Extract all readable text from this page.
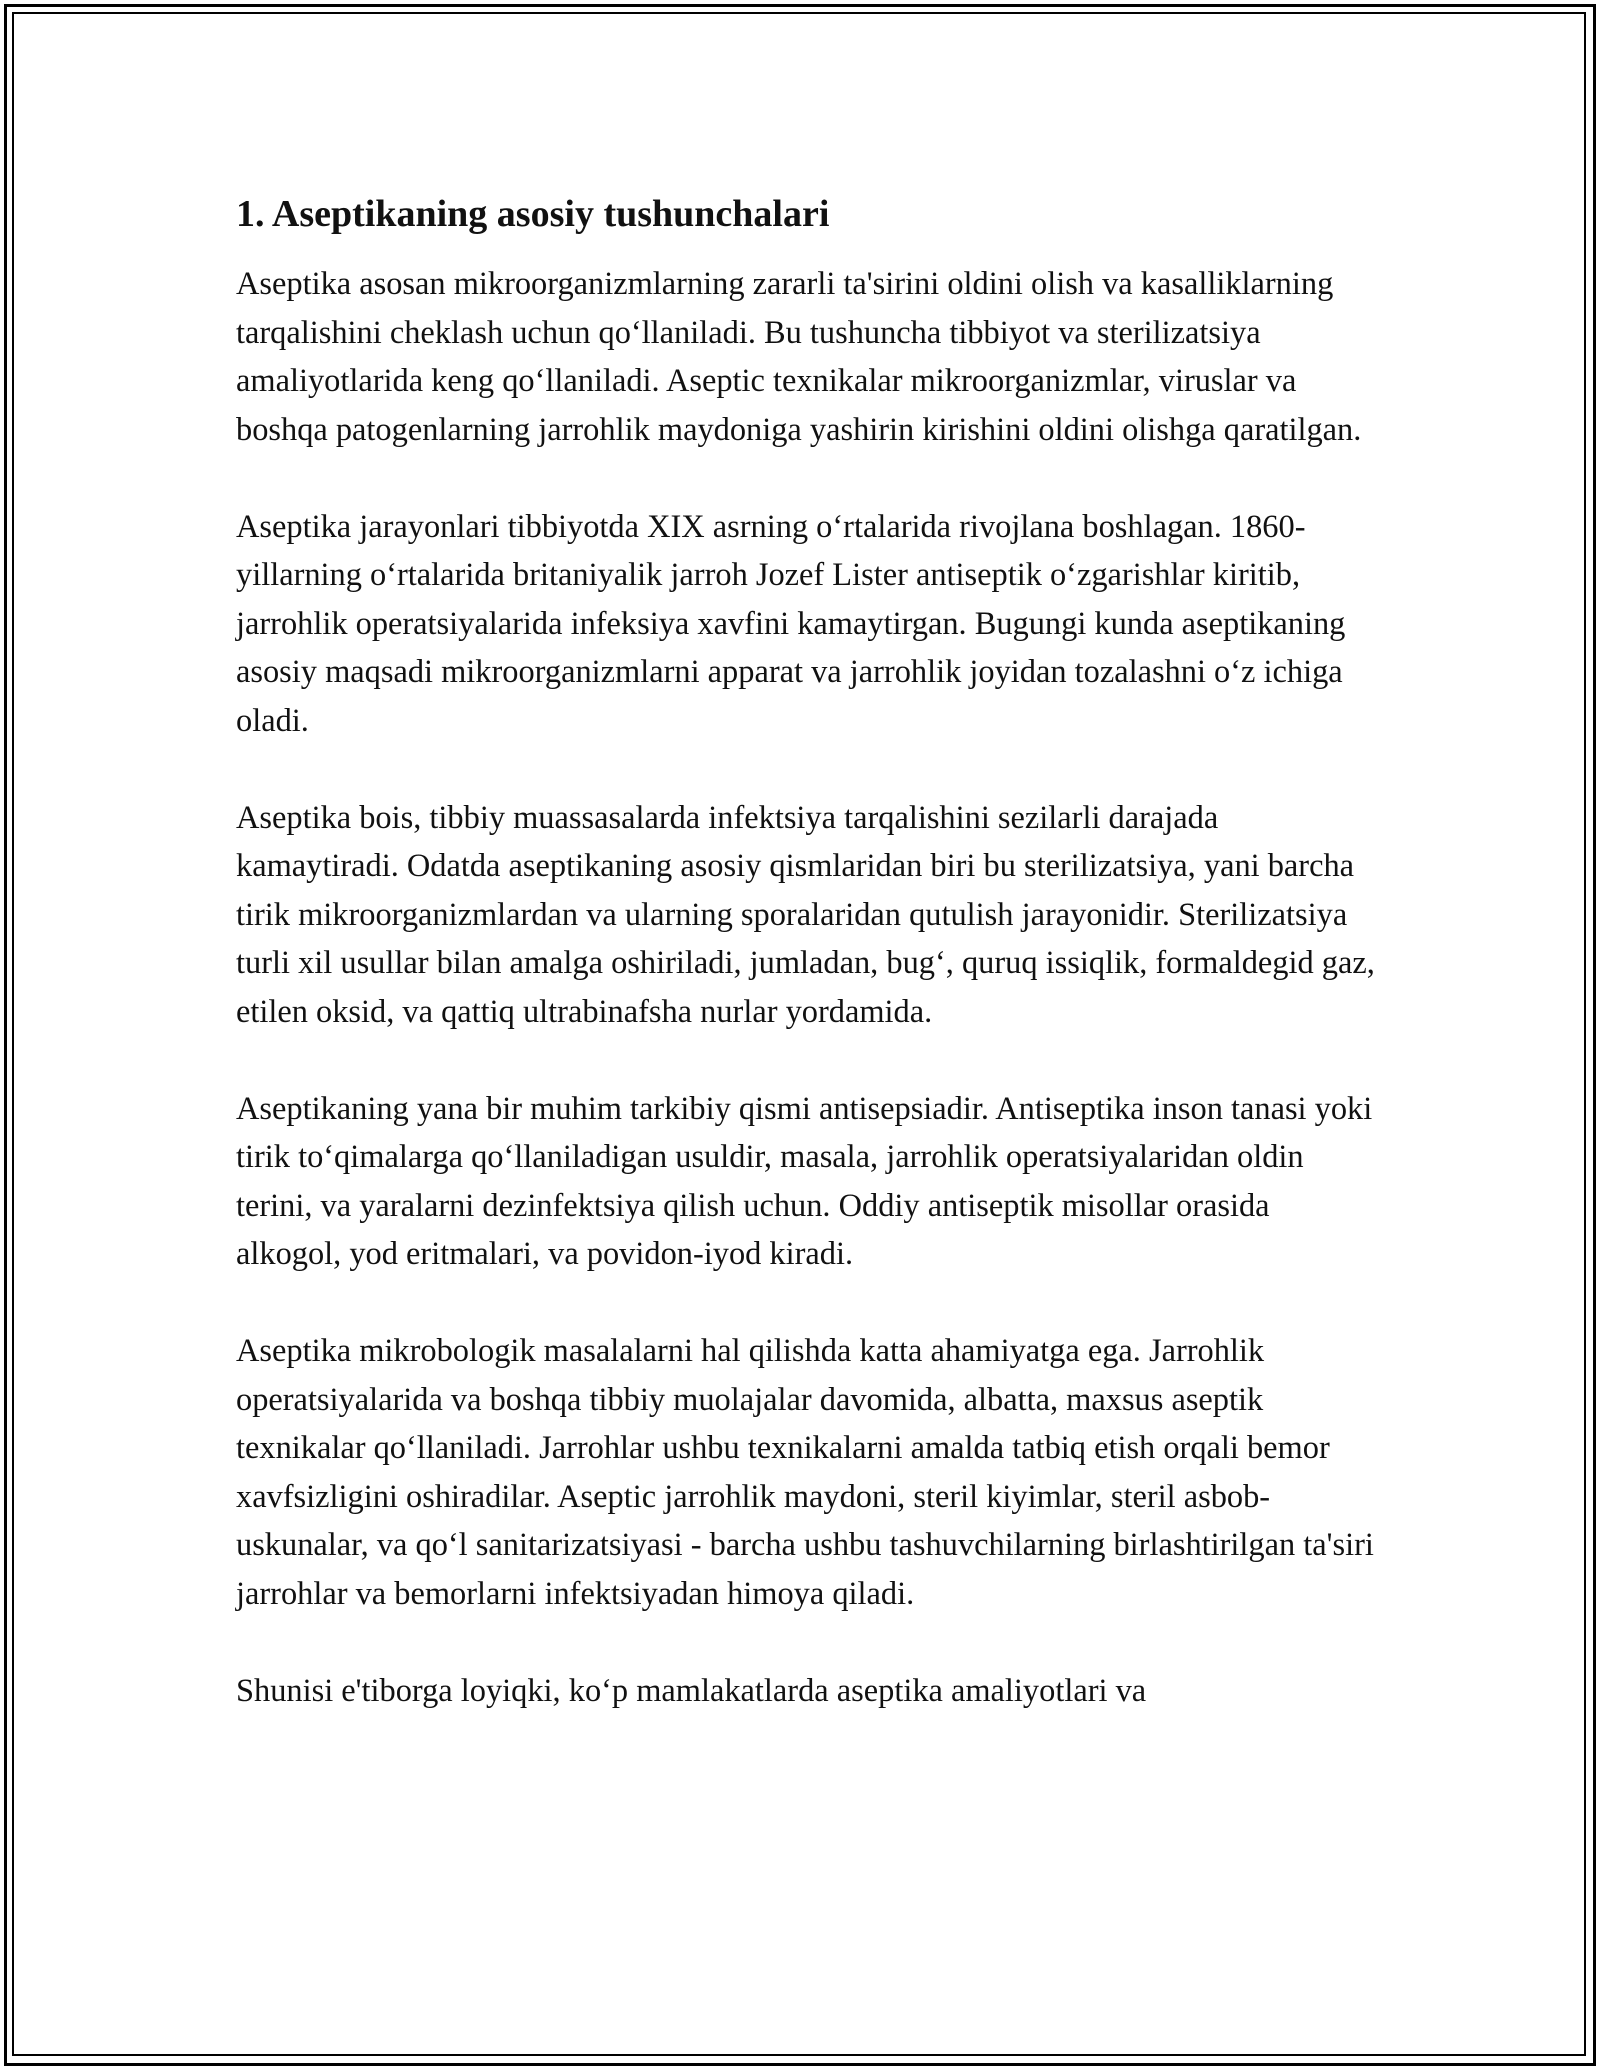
1. Aseptikaning asosiy tushunchalari

Aseptika asosan mikroorganizmlarning zararli ta'sirini oldini olish va kasalliklarning tarqalishini cheklash uchun qo‘llaniladi. Bu tushuncha tibbiyot va sterilizatsiya amaliyotlarida keng qo‘llaniladi. Aseptic texnikalar mikroorganizmlar, viruslar va boshqa patogenlarning jarrohlik maydoniga yashirin kirishini oldini olishga qaratilgan.

Aseptika jarayonlari tibbiyotda XIX asrning o‘rtalarida rivojlana boshlagan. 1860-yillarning o‘rtalarida britaniyalik jarroh Jozef Lister antiseptik o‘zgarishlar kiritib, jarrohlik operatsiyalarida infeksiya xavfini kamaytirgan. Bugungi kunda aseptikaning asosiy maqsadi mikroorganizmlarni apparat va jarrohlik joyidan tozalashni o‘z ichiga oladi.

Aseptika bois, tibbiy muassasalarda infektsiya tarqalishini sezilarli darajada kamaytiradi. Odatda aseptikaning asosiy qismlaridan biri bu sterilizatsiya, yani barcha tirik mikroorganizmlardan va ularning sporalaridan qutulish jarayonidir. Sterilizatsiya turli xil usullar bilan amalga oshiriladi, jumladan, bug‘, quruq issiqlik, formaldegid gaz, etilen oksid, va qattiq ultrabinafsha nurlar yordamida.

Aseptikaning yana bir muhim tarkibiy qismi antisepsiadir. Antiseptika inson tanasi yoki tirik to‘qimalarga qo‘llaniladigan usuldir, masala, jarrohlik operatsiyalaridan oldin terini, va yaralarni dezinfektsiya qilish uchun. Oddiy antiseptik misollar orasida alkogol, yod eritmalari, va povidon-iyod kiradi.

Aseptika mikrobologik masalalarni hal qilishda katta ahamiyatga ega. Jarrohlik operatsiyalarida va boshqa tibbiy muolajalar davomida, albatta, maxsus aseptik texnikalar qo‘llaniladi. Jarrohlar ushbu texnikalarni amalda tatbiq etish orqali bemor xavfsizligini oshiradilar. Aseptic jarrohlik maydoni, steril kiyimlar, steril asbob-uskunalar, va qo‘l sanitarizatsiyasi - barcha ushbu tashuvchilarning birlashtirilgan ta'siri jarrohlar va bemorlarni infektsiyadan himoya qiladi.

Shunisi e'tiborga loyiqki, ko‘p mamlakatlarda aseptika amaliyotlari va
